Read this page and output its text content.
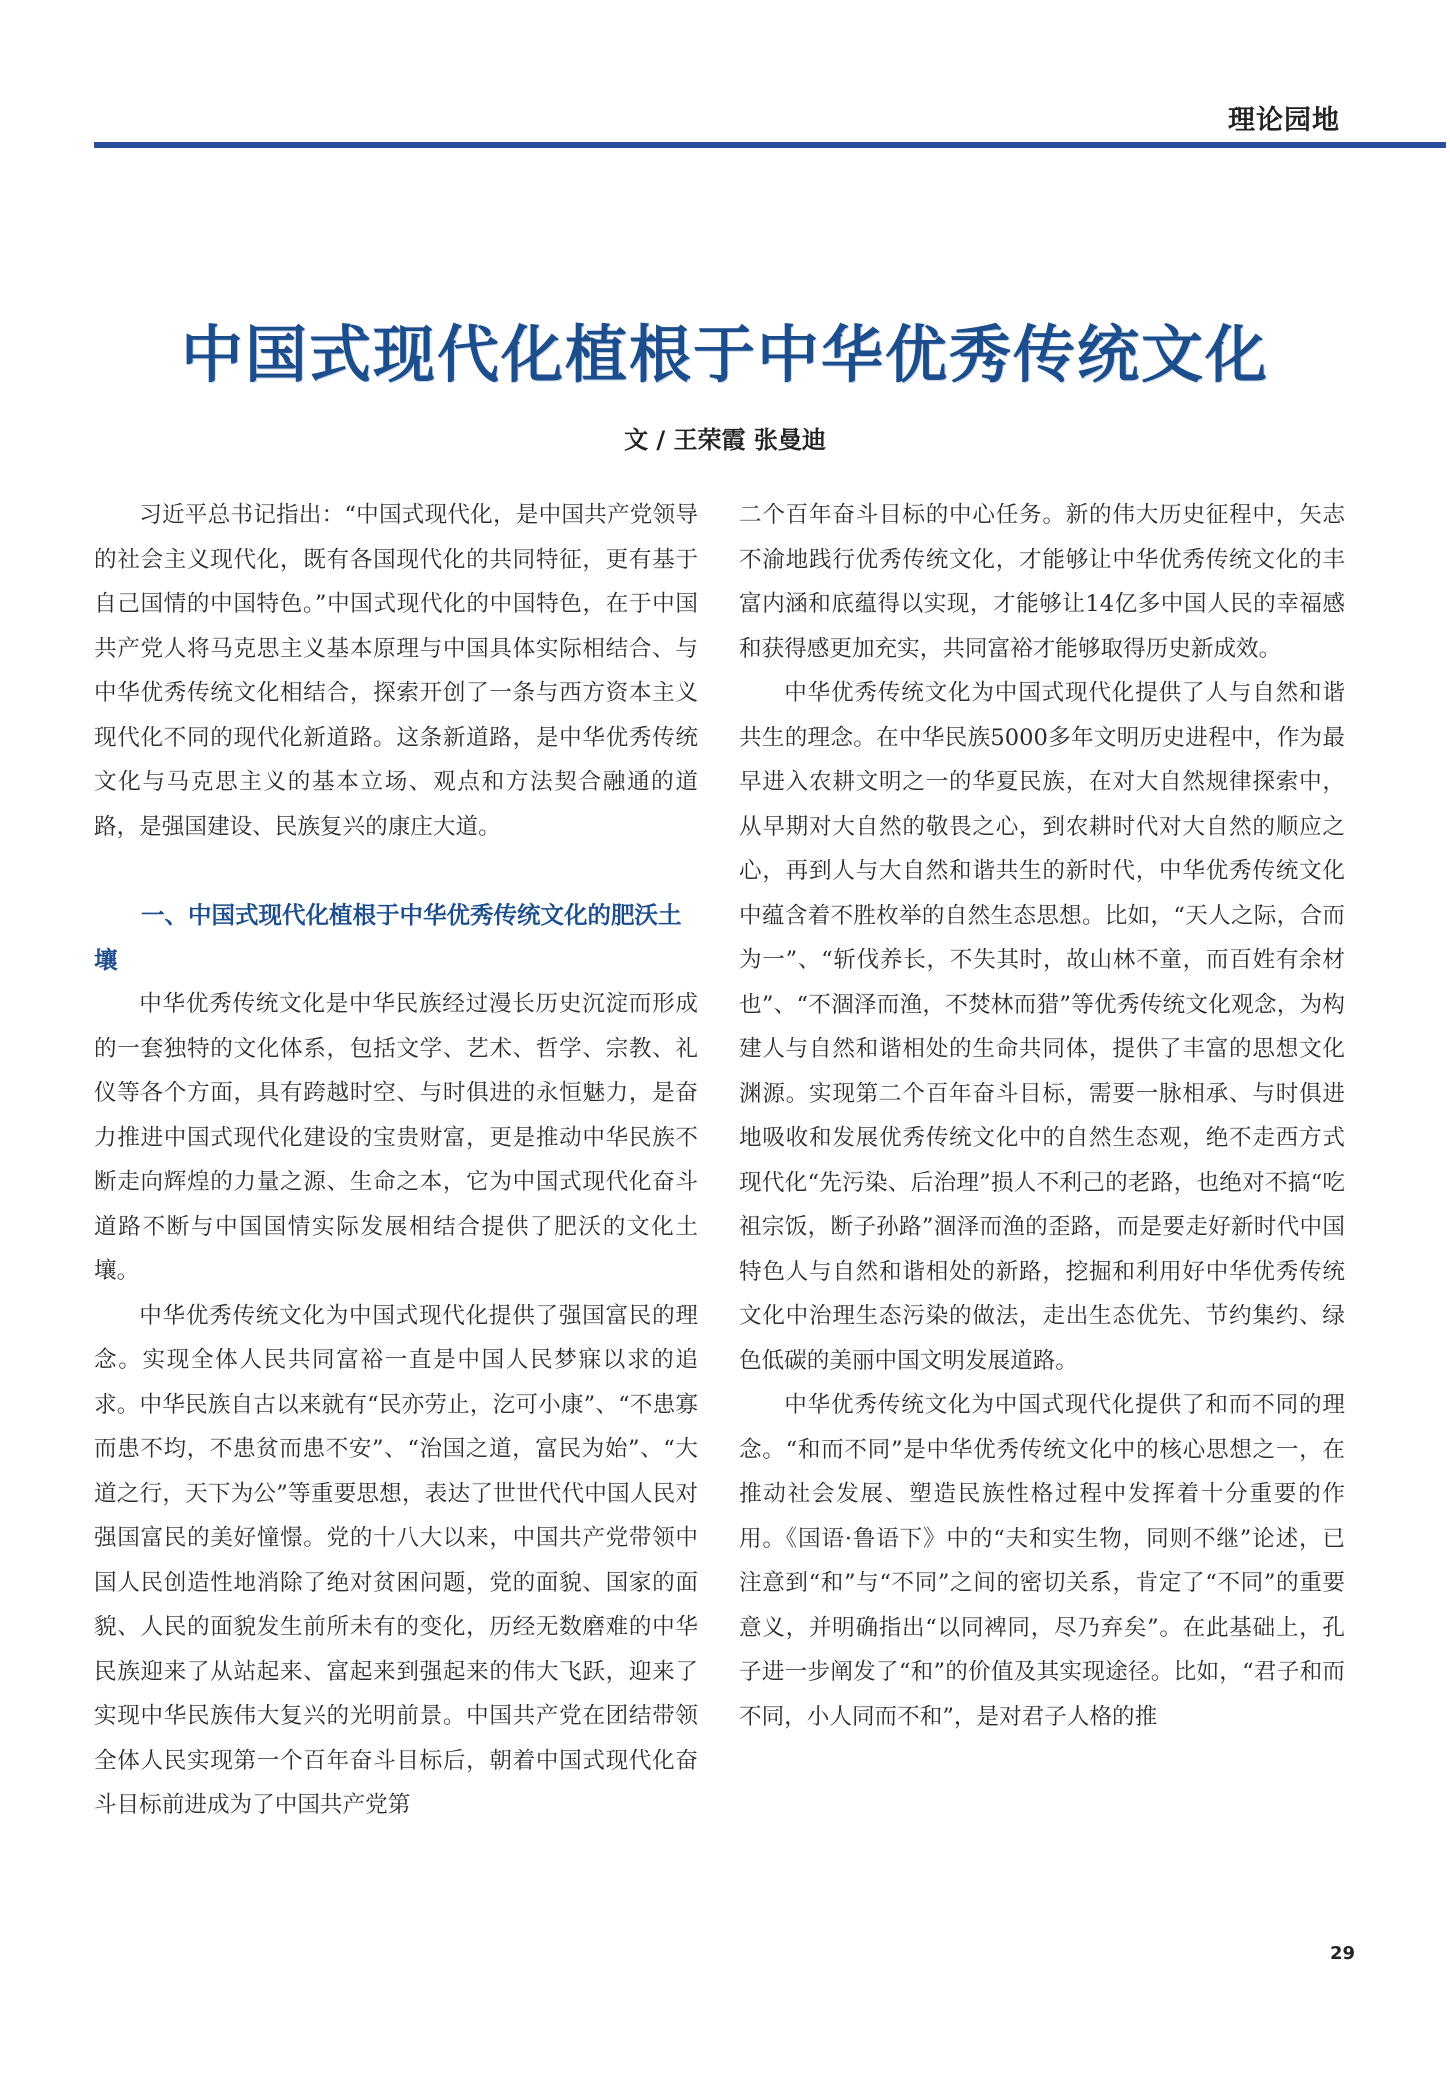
理论园地
中国式现代化植根于中华优秀传统文化
文 / 王荣霞 张曼迪

习近平总书记指出：“中国式现代化，是中国共产党领导的社会主义现代化，既有各国现代化的共同特征，更有基于自己国情的中国特色。”中国式现代化的中国特色，在于中国共产党人将马克思主义基本原理与中国具体实际相结合、与中华优秀传统文化相结合，探索开创了一条与西方资本主义现代化不同的现代化新道路。这条新道路，是中华优秀传统文化与马克思主义的基本立场、观点和方法契合融通的道路，是强国建设、民族复兴的康庄大道。

一、中国式现代化植根于中华优秀传统文化的肥沃土壤

中华优秀传统文化是中华民族经过漫长历史沉淀而形成的一套独特的文化体系，包括文学、艺术、哲学、宗教、礼仪等各个方面，具有跨越时空、与时俱进的永恒魅力，是奋力推进中国式现代化建设的宝贵财富，更是推动中华民族不断走向辉煌的力量之源、生命之本，它为中国式现代化奋斗道路不断与中国国情实际发展相结合提供了肥沃的文化土壤。

中华优秀传统文化为中国式现代化提供了强国富民的理念。实现全体人民共同富裕一直是中国人民梦寐以求的追求。中华民族自古以来就有“民亦劳止，汔可小康”、“不患寡而患不均，不患贫而患不安”、“治国之道，富民为始”、“大道之行，天下为公”等重要思想，表达了世世代代中国人民对强国富民的美好憧憬。党的十八大以来，中国共产党带领中国人民创造性地消除了绝对贫困问题，党的面貌、国家的面貌、人民的面貌发生前所未有的变化，历经无数磨难的中华民族迎来了从站起来、富起来到强起来的伟大飞跃，迎来了实现中华民族伟大复兴的光明前景。中国共产党在团结带领全体人民实现第一个百年奋斗目标后，朝着中国式现代化奋斗目标前进成为了中国共产党第

二个百年奋斗目标的中心任务。新的伟大历史征程中，矢志不渝地践行优秀传统文化，才能够让中华优秀传统文化的丰富内涵和底蕴得以实现，才能够让14亿多中国人民的幸福感和获得感更加充实，共同富裕才能够取得历史新成效。

中华优秀传统文化为中国式现代化提供了人与自然和谐共生的理念。在中华民族5000多年文明历史进程中，作为最早进入农耕文明之一的华夏民族，在对大自然规律探索中，从早期对大自然的敬畏之心，到农耕时代对大自然的顺应之心，再到人与大自然和谐共生的新时代，中华优秀传统文化中蕴含着不胜枚举的自然生态思想。比如，“天人之际，合而为一”、“斩伐养长，不失其时，故山林不童，而百姓有余材也”、“不涸泽而渔，不焚林而猎”等优秀传统文化观念，为构建人与自然和谐相处的生命共同体，提供了丰富的思想文化渊源。实现第二个百年奋斗目标，需要一脉相承、与时俱进地吸收和发展优秀传统文化中的自然生态观，绝不走西方式现代化“先污染、后治理”损人不利己的老路，也绝对不搞“吃祖宗饭，断子孙路”涸泽而渔的歪路，而是要走好新时代中国特色人与自然和谐相处的新路，挖掘和利用好中华优秀传统文化中治理生态污染的做法，走出生态优先、节约集约、绿色低碳的美丽中国文明发展道路。

中华优秀传统文化为中国式现代化提供了和而不同的理念。“和而不同”是中华优秀传统文化中的核心思想之一，在推动社会发展、塑造民族性格过程中发挥着十分重要的作用。《国语·鲁语下》中的“夫和实生物，同则不继”论述，已注意到“和”与“不同”之间的密切关系，肯定了“不同”的重要意义，并明确指出“以同裨同，尽乃弃矣”。在此基础上，孔子进一步阐发了“和”的价值及其实现途径。比如，“君子和而不同，小人同而不和”，是对君子人格的推

29
